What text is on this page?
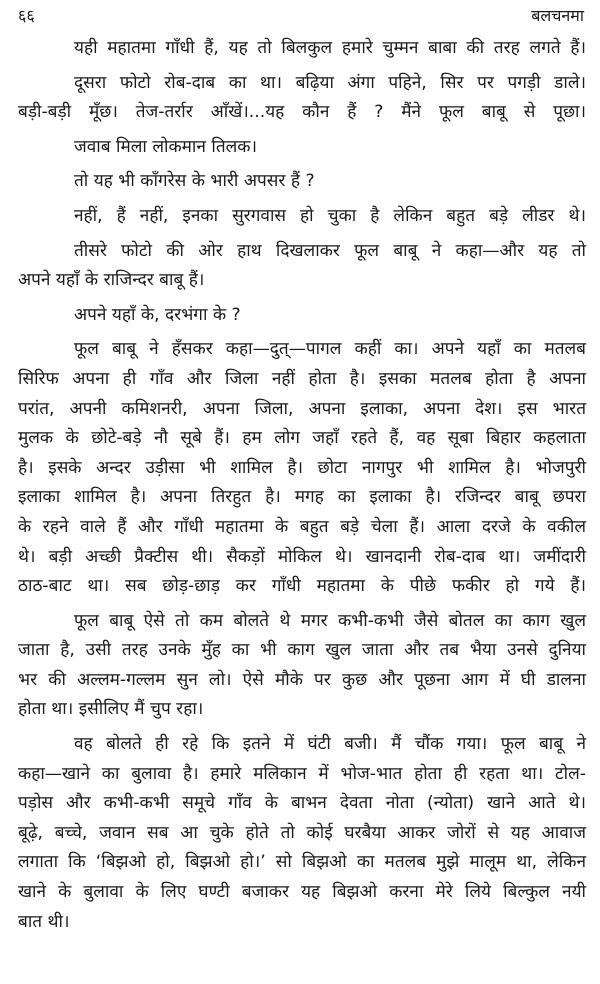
६६	बलचनमा
यही महातमा गाँधी हैं, यह तो बिलकुल हमारे चुम्मन बाबा की तरह लगते हैं।
दूसरा फोटो रोब-दाब का था। बढ़िया अंगा पहिने, सिर पर पगड़ी डाले।
बड़ी-बड़ी मूँछ। तेज-तर्रार आँखें।...यह कौन हैं ? मैंने फूल बाबू से पूछा।
जवाब मिला लोकमान तिलक।
तो यह भी काँगरेस के भारी अपसर हैं ?
नहीं, हैं नहीं, इनका सुरगवास हो चुका है लेकिन बहुत बड़े लीडर थे।
तीसरे फोटो की ओर हाथ दिखलाकर फूल बाबू ने कहा—और यह तो
अपने यहाँ के राजिन्दर बाबू हैं।
अपने यहाँ के, दरभंगा के ?
फूल बाबू ने हँसकर कहा—दुत्—पागल कहीं का। अपने यहाँ का मतलब
सिरिफ अपना ही गाँव और जिला नहीं होता है। इसका मतलब होता है अपना
परांत, अपनी कमिशनरी, अपना जिला, अपना इलाका, अपना देश। इस भारत
मुलक के छोटे-बड़े नौ सूबे हैं। हम लोग जहाँ रहते हैं, वह सूबा बिहार कहलाता
है। इसके अन्दर उड़ीसा भी शामिल है। छोटा नागपुर भी शामिल है। भोजपुरी
इलाका शामिल है। अपना तिरहुत है। मगह का इलाका है। रजिन्दर बाबू छपरा
के रहने वाले हैं और गाँधी महातमा के बहुत बड़े चेला हैं। आला दरजे के वकील
थे। बड़ी अच्छी प्रैक्टीस थी। सैकड़ों मोकिल थे। खानदानी रोब-दाब था। जमींदारी
ठाठ-बाट था। सब छोड़-छाड़ कर गाँधी महातमा के पीछे फकीर हो गये हैं।
फूल बाबू ऐसे तो कम बोलते थे मगर कभी-कभी जैसे बोतल का काग खुल
जाता है, उसी तरह उनके मुँह का भी काग खुल जाता और तब भैया उनसे दुनिया
भर की अल्लम-गल्लम सुन लो। ऐसे मौके पर कुछ और पूछना आग में घी डालना
होता था। इसीलिए मैं चुप रहा।
वह बोलते ही रहे कि इतने में घंटी बजी। मैं चौंक गया। फूल बाबू ने
कहा—खाने का बुलावा है। हमारे मलिकान में भोज-भात होता ही रहता था। टोल-
पड़ोस और कभी-कभी समूचे गाँव के बाभन देवता नोता (न्योता) खाने आते थे।
बूढ़े, बच्चे, जवान सब आ चुके होते तो कोई घरबैया आकर जोरों से यह आवाज
लगाता कि ‘बिझओ हो, बिझओ हो।’ सो बिझओ का मतलब मुझे मालूम था, लेकिन
खाने के बुलावा के लिए घण्टी बजाकर यह बिझओ करना मेरे लिये बिल्कुल नयी
बात थी।
